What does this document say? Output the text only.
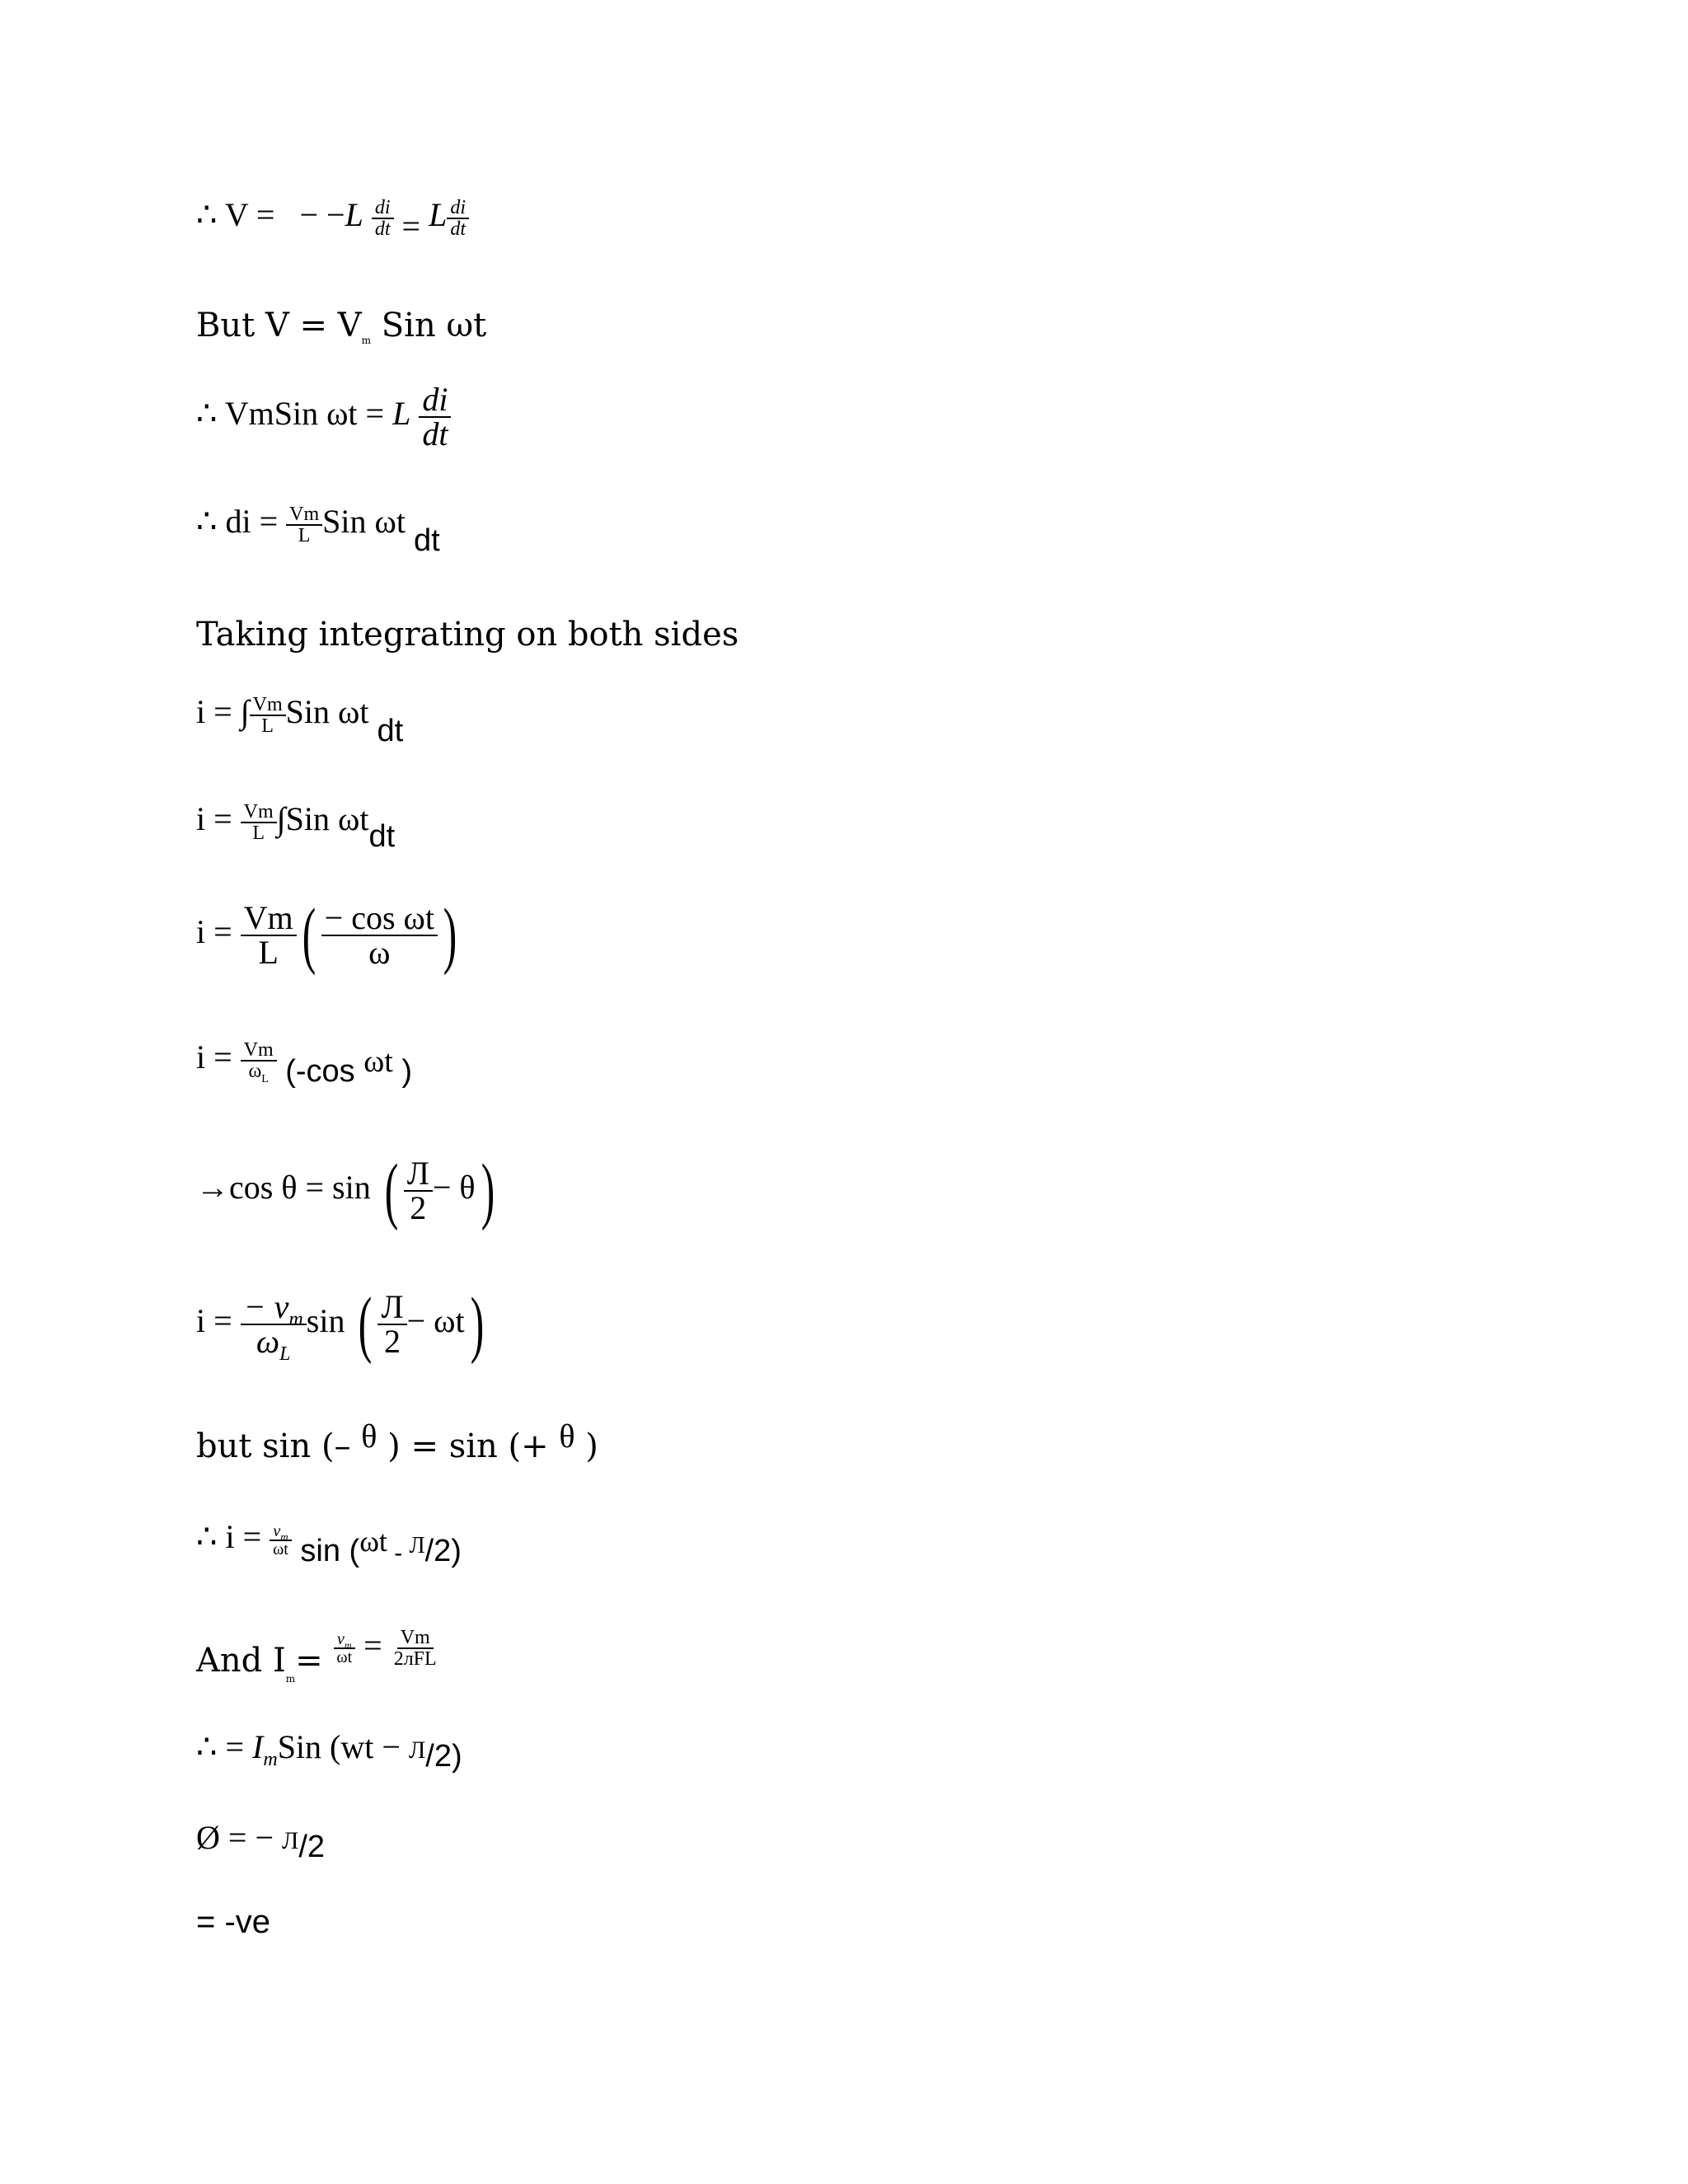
∴ V = − $-L \frac{di}{dt} = L \frac{di}{dt}$
But $V = V_m$ Sin ωt
∴ VmSin ωt = L $\frac{di}{dt}$
∴ di = $\frac{Vm}{L}$ Sin ωt dt
Taking integrating on both sides
i = ∫ $\frac{Vm}{L}$ Sin ωt dt
$i = \frac{Vm}{L} \int Sin$ ωtdt
$i = \frac{Vm}{L}$ ( $\frac{\text{− cos ωt}}{\omega}$ )
$i = \frac{Vm}{\omega_L} (-\cos$ ωt )
→cos θ = sin ( $\frac{Л}{2} - \theta$)
$i = \frac{- v_m}{\omega_L}$ sin ( $\frac{Л}{2} - \omega t$)
but sin (– θ ) = sin (+ θ )
∴ $i = \frac{v_m}{\omega t}$ sin (ωt $_-$ Л/2)
And $I_m= \frac{v_m}{\omega t} = \frac{Vm}{\text{2лFL}}$
∴ = $I_mSin$ (wt − Л/2)
Ø = − Л/2
= -ve
